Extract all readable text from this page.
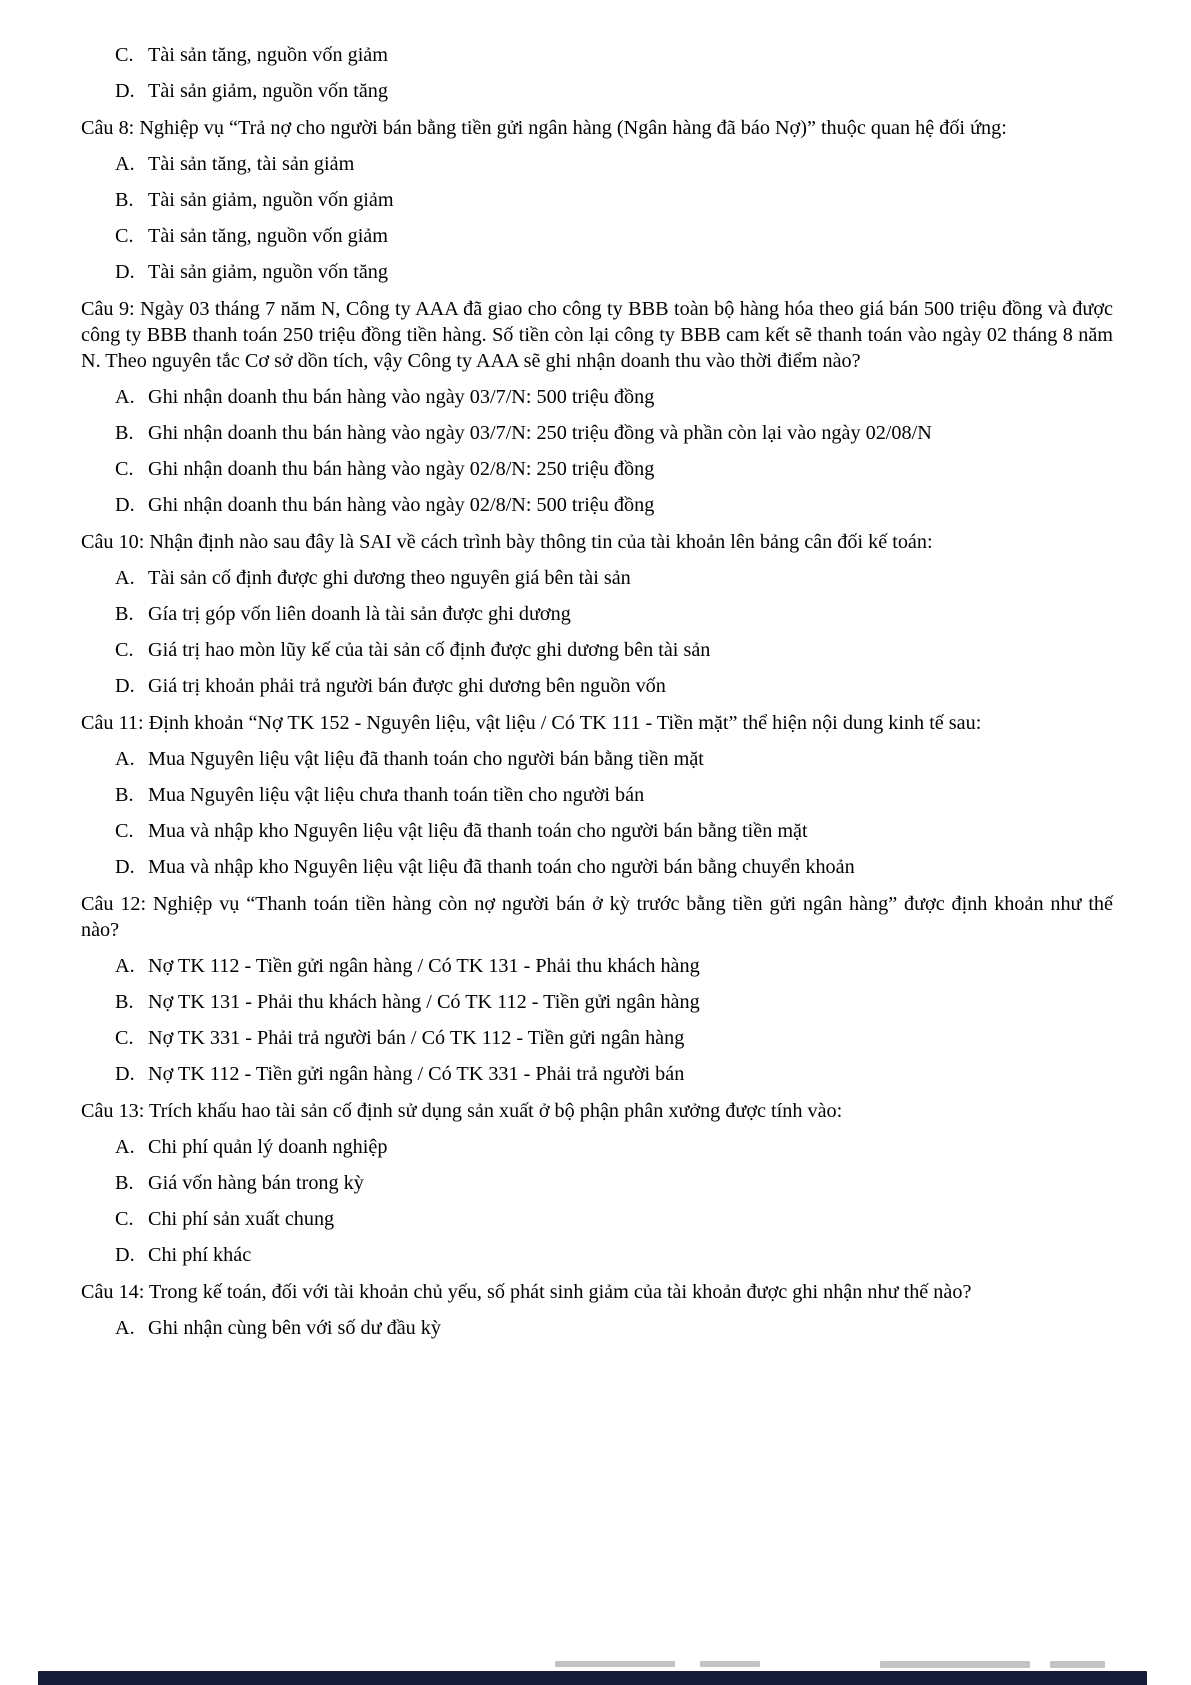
C. Tài sản tăng, nguồn vốn giảm
D. Tài sản giảm, nguồn vốn tăng

Câu 8: Nghiệp vụ “Trả nợ cho người bán bằng tiền gửi ngân hàng (Ngân hàng đã báo Nợ)” thuộc quan hệ đối ứng:

A. Tài sản tăng, tài sản giảm
B. Tài sản giảm, nguồn vốn giảm
C. Tài sản tăng, nguồn vốn giảm
D. Tài sản giảm, nguồn vốn tăng

Câu 9: Ngày 03 tháng 7 năm N, Công ty AAA đã giao cho công ty BBB toàn bộ hàng hóa theo giá bán 500 triệu đồng và được công ty BBB thanh toán 250 triệu đồng tiền hàng. Số tiền còn lại công ty BBB cam kết sẽ thanh toán vào ngày 02 tháng 8 năm N. Theo nguyên tắc Cơ sở dồn tích, vậy Công ty AAA sẽ ghi nhận doanh thu vào thời điểm nào?

A. Ghi nhận doanh thu bán hàng vào ngày 03/7/N: 500 triệu đồng
B. Ghi nhận doanh thu bán hàng vào ngày 03/7/N: 250 triệu đồng và phần còn lại vào ngày 02/08/N
C. Ghi nhận doanh thu bán hàng vào ngày 02/8/N: 250 triệu đồng
D. Ghi nhận doanh thu bán hàng vào ngày 02/8/N: 500 triệu đồng

Câu 10: Nhận định nào sau đây là SAI về cách trình bày thông tin của tài khoản lên bảng cân đối kế toán:

A. Tài sản cố định được ghi dương theo nguyên giá bên tài sản
B. Gía trị góp vốn liên doanh là tài sản được ghi dương
C. Giá trị hao mòn lũy kế của tài sản cố định được ghi dương bên tài sản
D. Giá trị khoản phải trả người bán được ghi dương bên nguồn vốn

Câu 11: Định khoản “Nợ TK 152 - Nguyên liệu, vật liệu / Có TK 111 - Tiền mặt” thể hiện nội dung kinh tế sau:

A. Mua Nguyên liệu vật liệu đã thanh toán cho người bán bằng tiền mặt
B. Mua Nguyên liệu vật liệu chưa thanh toán tiền cho người bán
C. Mua và nhập kho Nguyên liệu vật liệu đã thanh toán cho người bán bằng tiền mặt
D. Mua và nhập kho Nguyên liệu vật liệu đã thanh toán cho người bán bằng chuyển khoản

Câu 12: Nghiệp vụ “Thanh toán tiền hàng còn nợ người bán ở kỳ trước bằng tiền gửi ngân hàng” được định khoản như thế nào?

A. Nợ TK 112 - Tiền gửi ngân hàng / Có TK 131 - Phải thu khách hàng
B. Nợ TK 131 - Phải thu khách hàng / Có TK 112 - Tiền gửi ngân hàng
C. Nợ TK 331 - Phải trả người bán / Có TK 112 - Tiền gửi ngân hàng
D. Nợ TK 112 - Tiền gửi ngân hàng / Có TK 331 - Phải trả người bán

Câu 13: Trích khấu hao tài sản cố định sử dụng sản xuất ở bộ phận phân xưởng được tính vào:

A. Chi phí quản lý doanh nghiệp
B. Giá vốn hàng bán trong kỳ
C. Chi phí sản xuất chung
D. Chi phí khác

Câu 14: Trong kế toán, đối với tài khoản chủ yếu, số phát sinh giảm của tài khoản được ghi nhận như thế nào?

A. Ghi nhận cùng bên với số dư đầu kỳ
